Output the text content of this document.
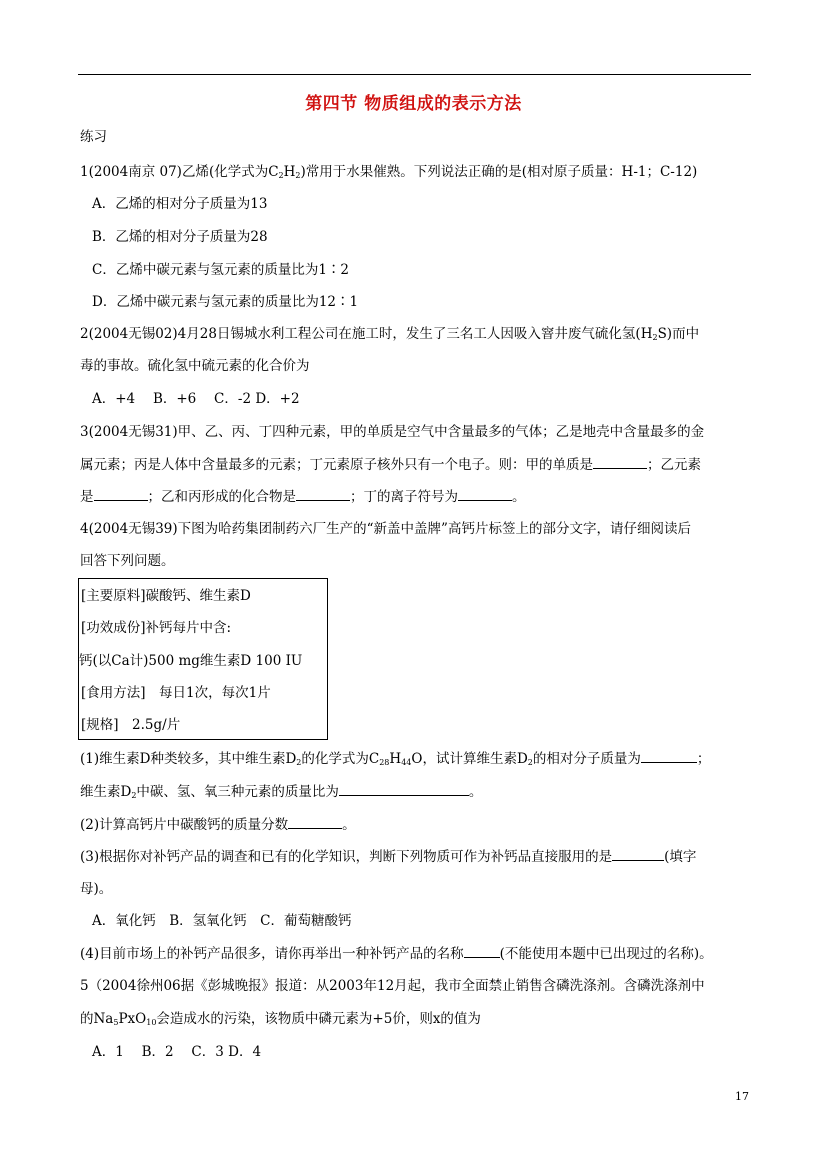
第四节 物质组成的表示方法
练习
1(2004南京 07)乙烯(化学式为$C_2H_2$)常用于水果催熟。下列说法正确的是(相对原子质量：H-1；C-12)
A．乙烯的相对分子质量为13
B．乙烯的相对分子质量为28
C．乙烯中碳元素与氢元素的质量比为1∶2
D．乙烯中碳元素与氢元素的质量比为12∶1
2(2004无锡02)4月28日锡城水利工程公司在施工时，发生了三名工人因吸入窨井废气硫化氢$(H_2S)$而中
毒的事故。硫化氢中硫元素的化合价为
A．+4　 B．+6　 C．-2 D．+2
3(2004无锡31)甲、乙、丙、丁四种元素，甲的单质是空气中含量最多的气体；乙是地壳中含量最多的金
属元素；丙是人体中含量最多的元素；丁元素原子核外只有一个电子。则：甲的单质是	；乙元素
是	；乙和丙形成的化合物是	；丁的离子符号为	。
4(2004无锡39)下图为哈药集团制药六厂生产的“新盖中盖牌”高钙片标签上的部分文字，请仔细阅读后
回答下列问题。
[主要原料]碳酸钙、维生素D
[功效成份]补钙每片中含:
钙(以Ca计)500 mg维生素D 100 IU
[食用方法]　每日1次，每次1片
[规格]　2.5g/片
(1)维生素D种类较多，其中维生素$D_2$的化学式为$C_{28}H_{44}O$，试计算维生素$D_2$的相对分子质量为	；
维生素$D_2$中碳、氢、氧三种元素的质量比为	。
(2)计算高钙片中碳酸钙的质量分数	。
(3)根据你对补钙产品的调查和已有的化学知识，判断下列物质可作为补钙品直接服用的是	(填字
母)。
A．氧化钙　B．氢氧化钙　C．葡萄糖酸钙
(4)目前市场上的补钙产品很多，请你再举出一种补钙产品的名称	(不能使用本题中已出现过的名称)。
5（2004徐州06据《彭城晚报》报道：从2003年12月起，我市全面禁止销售含磷洗涤剂。含磷洗涤剂中
的$Na_5PxO_{10}$会造成水的污染，该物质中磷元素为+5价，则x的值为
A．1　 B．2　 C．3 D．4
17
